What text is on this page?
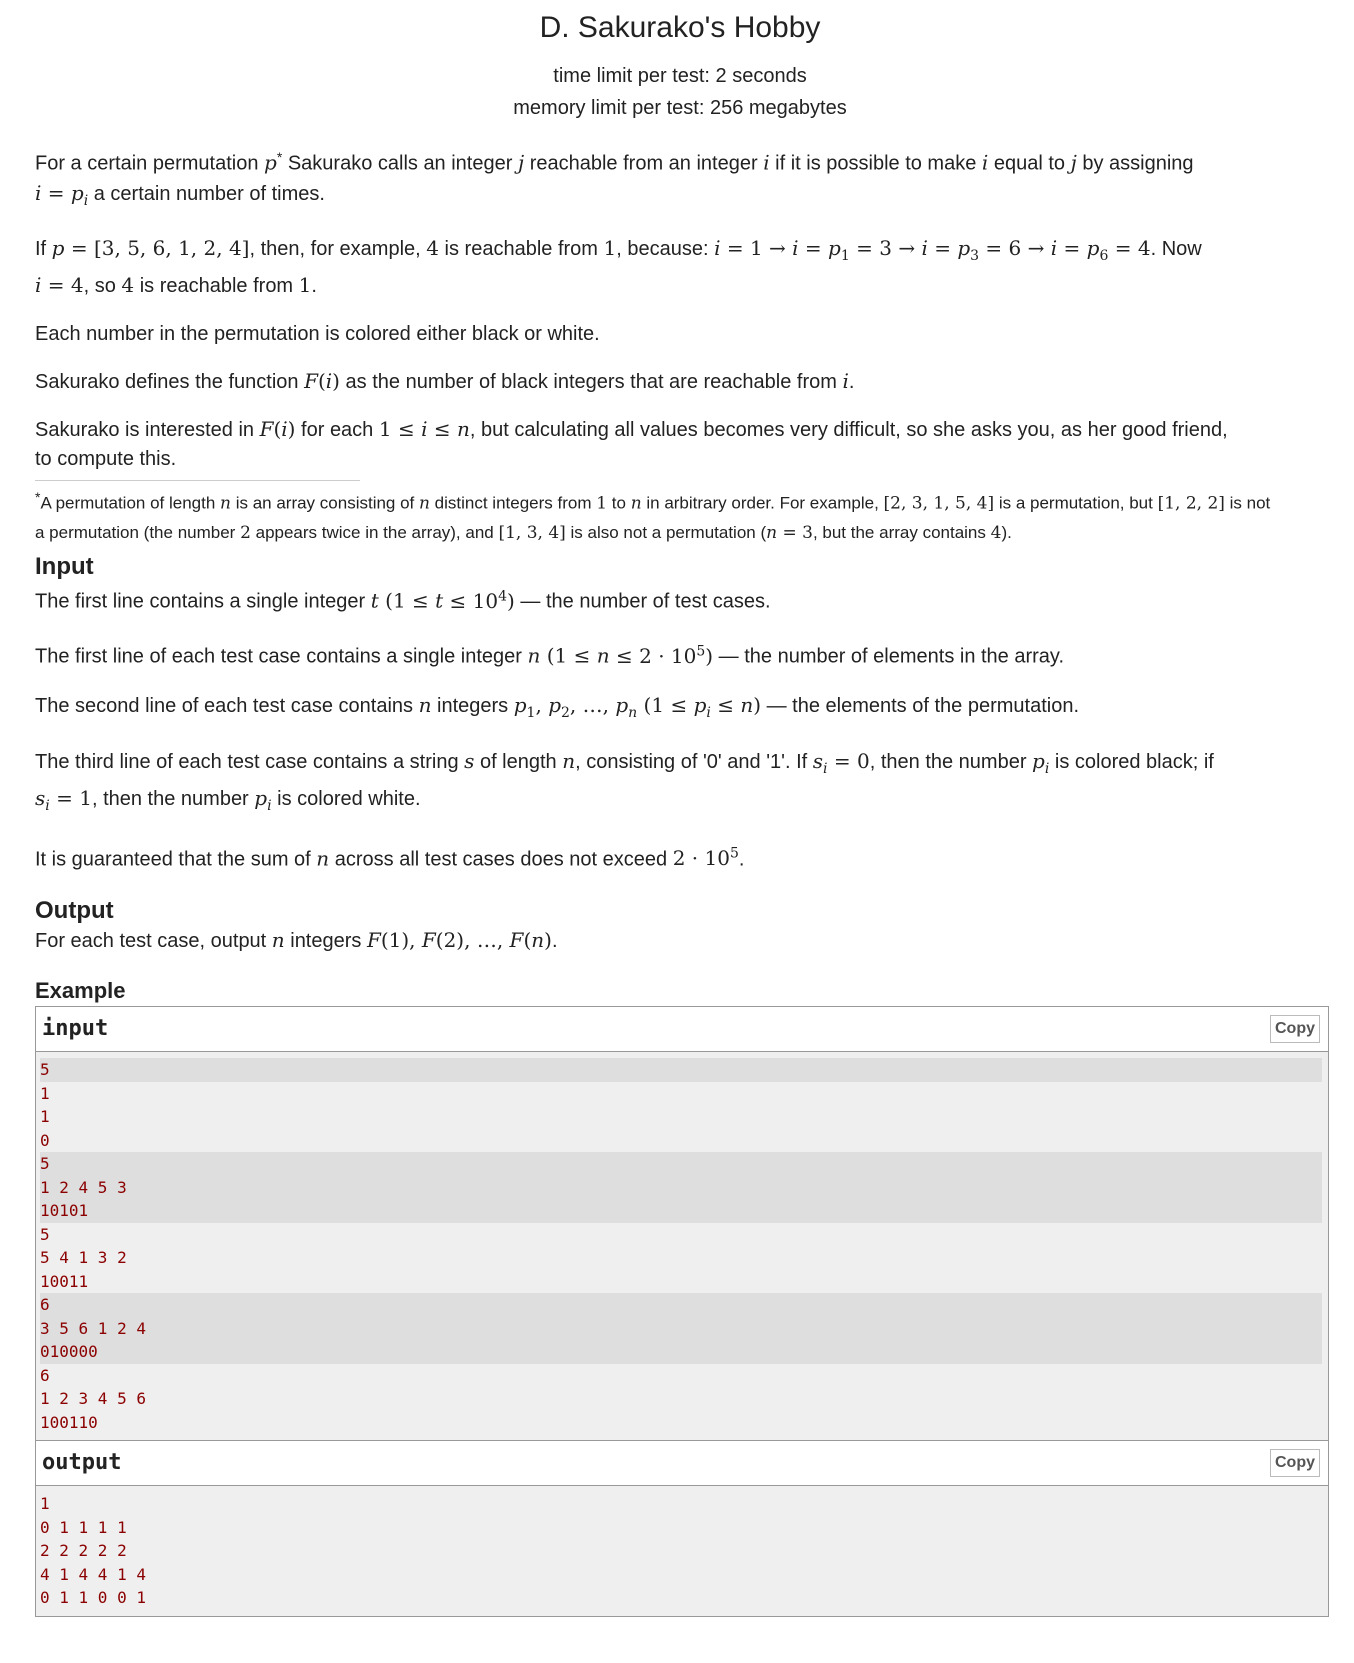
D. Sakurako's Hobby
time limit per test: 2 seconds
memory limit per test: 256 megabytes

For a certain permutation p* Sakurako calls an integer j reachable from an integer i if it is possible to make i equal to j by assigning
$i = p_i$ a certain number of times.

If p = [3, 5, 6, 1, 2, 4], then, for example, 4 is reachable from 1, because: $i = 1 \to i = p_1 = 3 \to i = p_3 = 6 \to i = p_6 = 4$. Now
i = 4, so 4 is reachable from 1.

Each number in the permutation is colored either black or white.

Sakurako defines the function F(i) as the number of black integers that are reachable from i.

Sakurako is interested in F(i) for each 1 ≤ i ≤ n, but calculating all values becomes very difficult, so she asks you, as her good friend,
to compute this.

*A permutation of length n is an array consisting of n distinct integers from 1 to n in arbitrary order. For example, [2, 3, 1, 5, 4] is a permutation, but [1, 2, 2] is not
a permutation (the number 2 appears twice in the array), and [1, 3, 4] is also not a permutation (n = 3, but the array contains 4).

Input

The first line contains a single integer t $(1 \le t \le 10^4)$ — the number of test cases.

The first line of each test case contains a single integer n $(1 \le n \le 2 \cdot 10^5)$ — the number of elements in the array.

The second line of each test case contains n integers $p_1$, $p_2$, …, $p_n$ $(1 \le p_i \le n)$ — the elements of the permutation.

The third line of each test case contains a string s of length n, consisting of '0' and '1'. If $s_i = 0$, then the number $p_i$ is colored black; if
$s_i = 1$, then the number $p_i$ is colored white.

It is guaranteed that the sum of n across all test cases does not exceed $2 \cdot 10^5$.

Output

For each test case, output n integers F(1), F(2), …, F(n).

Example
input	Copy
5
1
1
0
5
1 2 4 5 3
10101
5
5 4 1 3 2
10011
6
3 5 6 1 2 4
010000
6
1 2 3 4 5 6
100110
output	Copy
1
0 1 1 1 1
2 2 2 2 2
4 1 4 4 1 4
0 1 1 0 0 1
